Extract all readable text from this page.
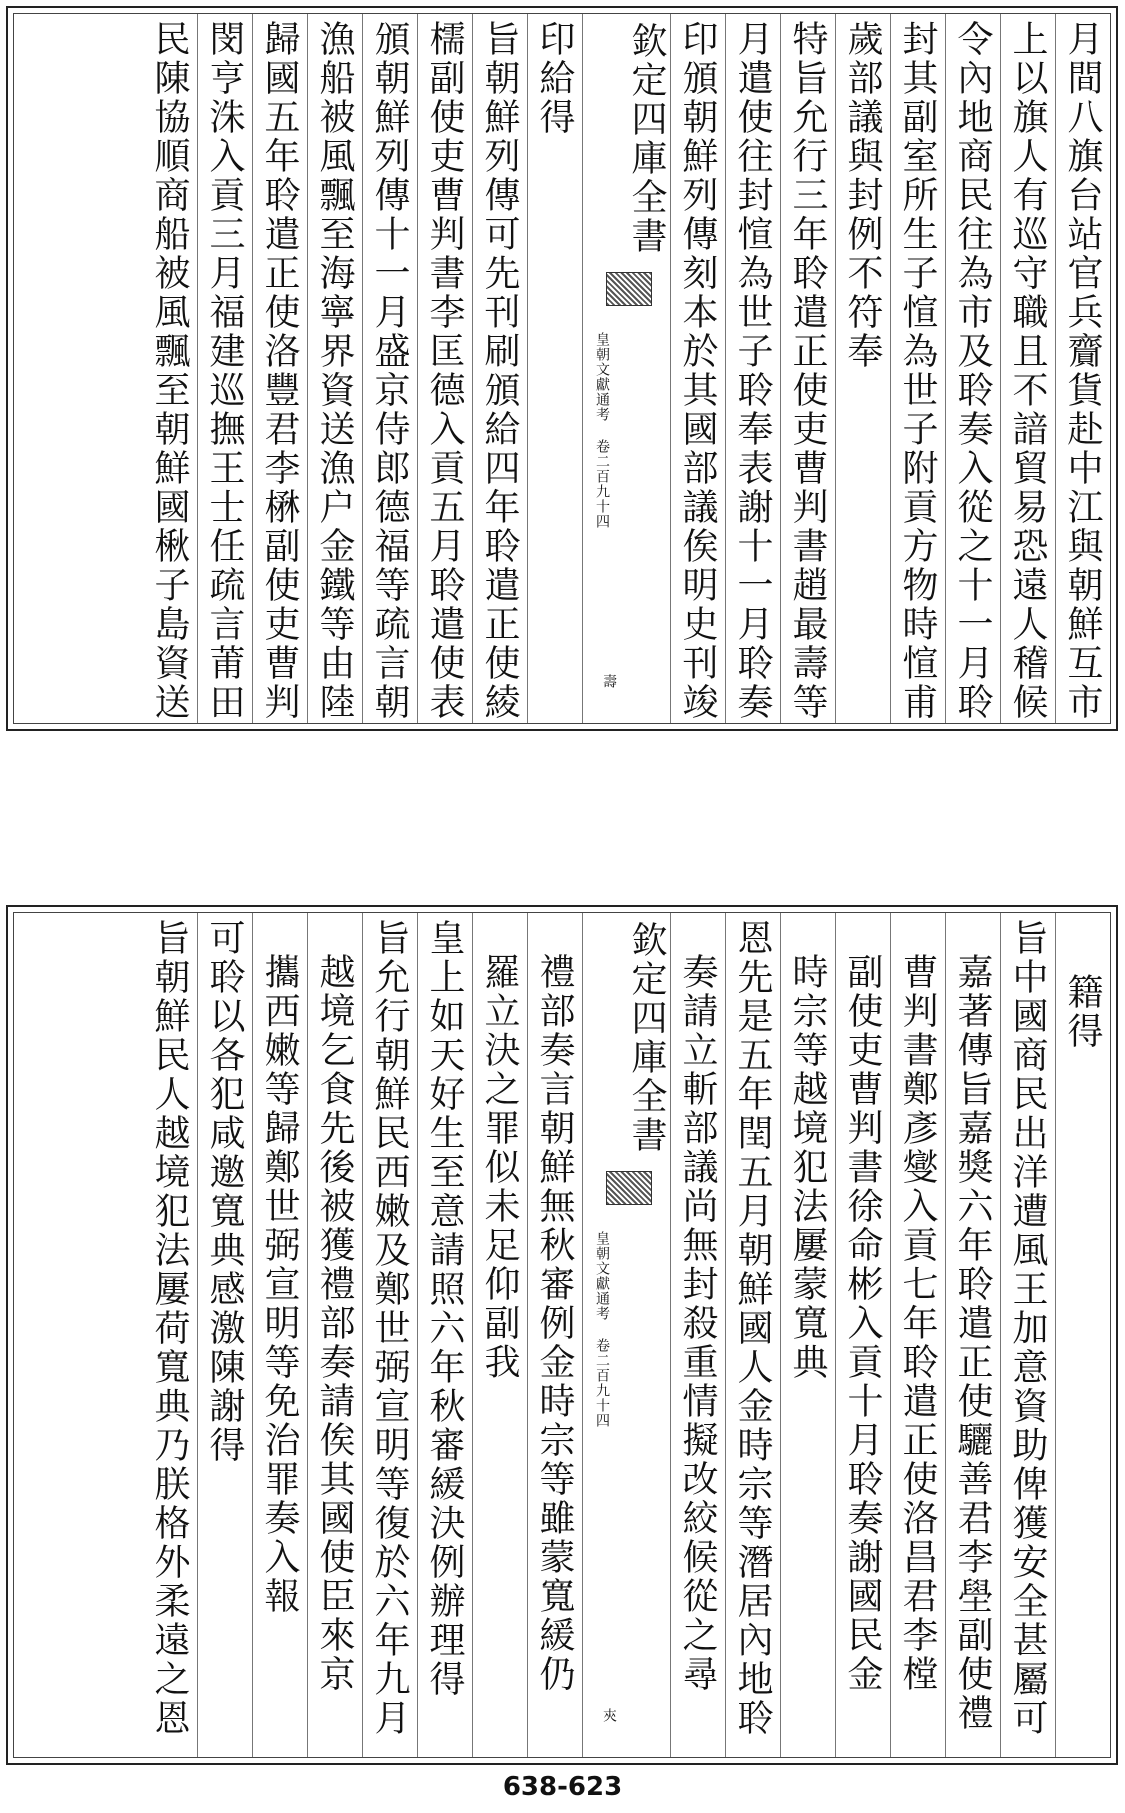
月間八旗台站官兵齎貨赴中江與朝鮮互市
上以旗人有巡守職且不諳貿易恐遠人稽候
令內地商民往為市及聆奏入從之十一月聆
封其副室所生子愃為世子附貢方物時愃甫
歲部議與封例不符奉
特旨允行三年聆遣正使吏曹判書趙最壽等
月遣使往封愃為世子聆奉表謝十一月聆奏
印頒朝鮮列傳刻本於其國部議俟明史刊竣
欽定四庫全書
皇朝文獻通考 卷二百九十四
壽
印給得
旨朝鮮列傳可先刊刷頒給四年聆遣正使綾
檽副使吏曹判書李匡德入貢五月聆遣使表
頒朝鮮列傳十一月盛京侍郎德福等疏言朝
漁船被風飄至海寧界資送漁户金鐵等由陸
歸國五年聆遣正使洛豐君李楙副使吏曹判
閔亨洙入貢三月福建巡撫王士任疏言莆田
民陳協順商船被風飄至朝鮮國楸子島資送
籍得
旨中國商民出洋遭風王加意資助俾獲安全甚屬可
嘉著傳旨嘉獎六年聆遣正使驪善君李壆副使禮
曹判書鄭彥燮入貢七年聆遣正使洛昌君李樘
副使吏曹判書徐命彬入貢十月聆奏謝國民金
時宗等越境犯法屢蒙寬典
恩先是五年閏五月朝鮮國人金時宗等潛居內地聆
奏請立斬部議尚無封殺重情擬改絞候從之尋
欽定四庫全書
皇朝文獻通考 卷二百九十四
㚒
禮部奏言朝鮮無秋審例金時宗等雖蒙寬緩仍
羅立決之罪似未足仰副我
皇上如天好生至意請照六年秋審緩決例辦理得
旨允行朝鮮民西嫩及鄭世弼宣明等復於六年九月
越境乞食先後被獲禮部奏請俟其國使臣來京
攜西嫩等歸鄭世弼宣明等免治罪奏入報
可聆以各犯咸邀寬典感激陳謝得
旨朝鮮民人越境犯法屢荷寬典乃朕格外柔遠之恩
638-623
